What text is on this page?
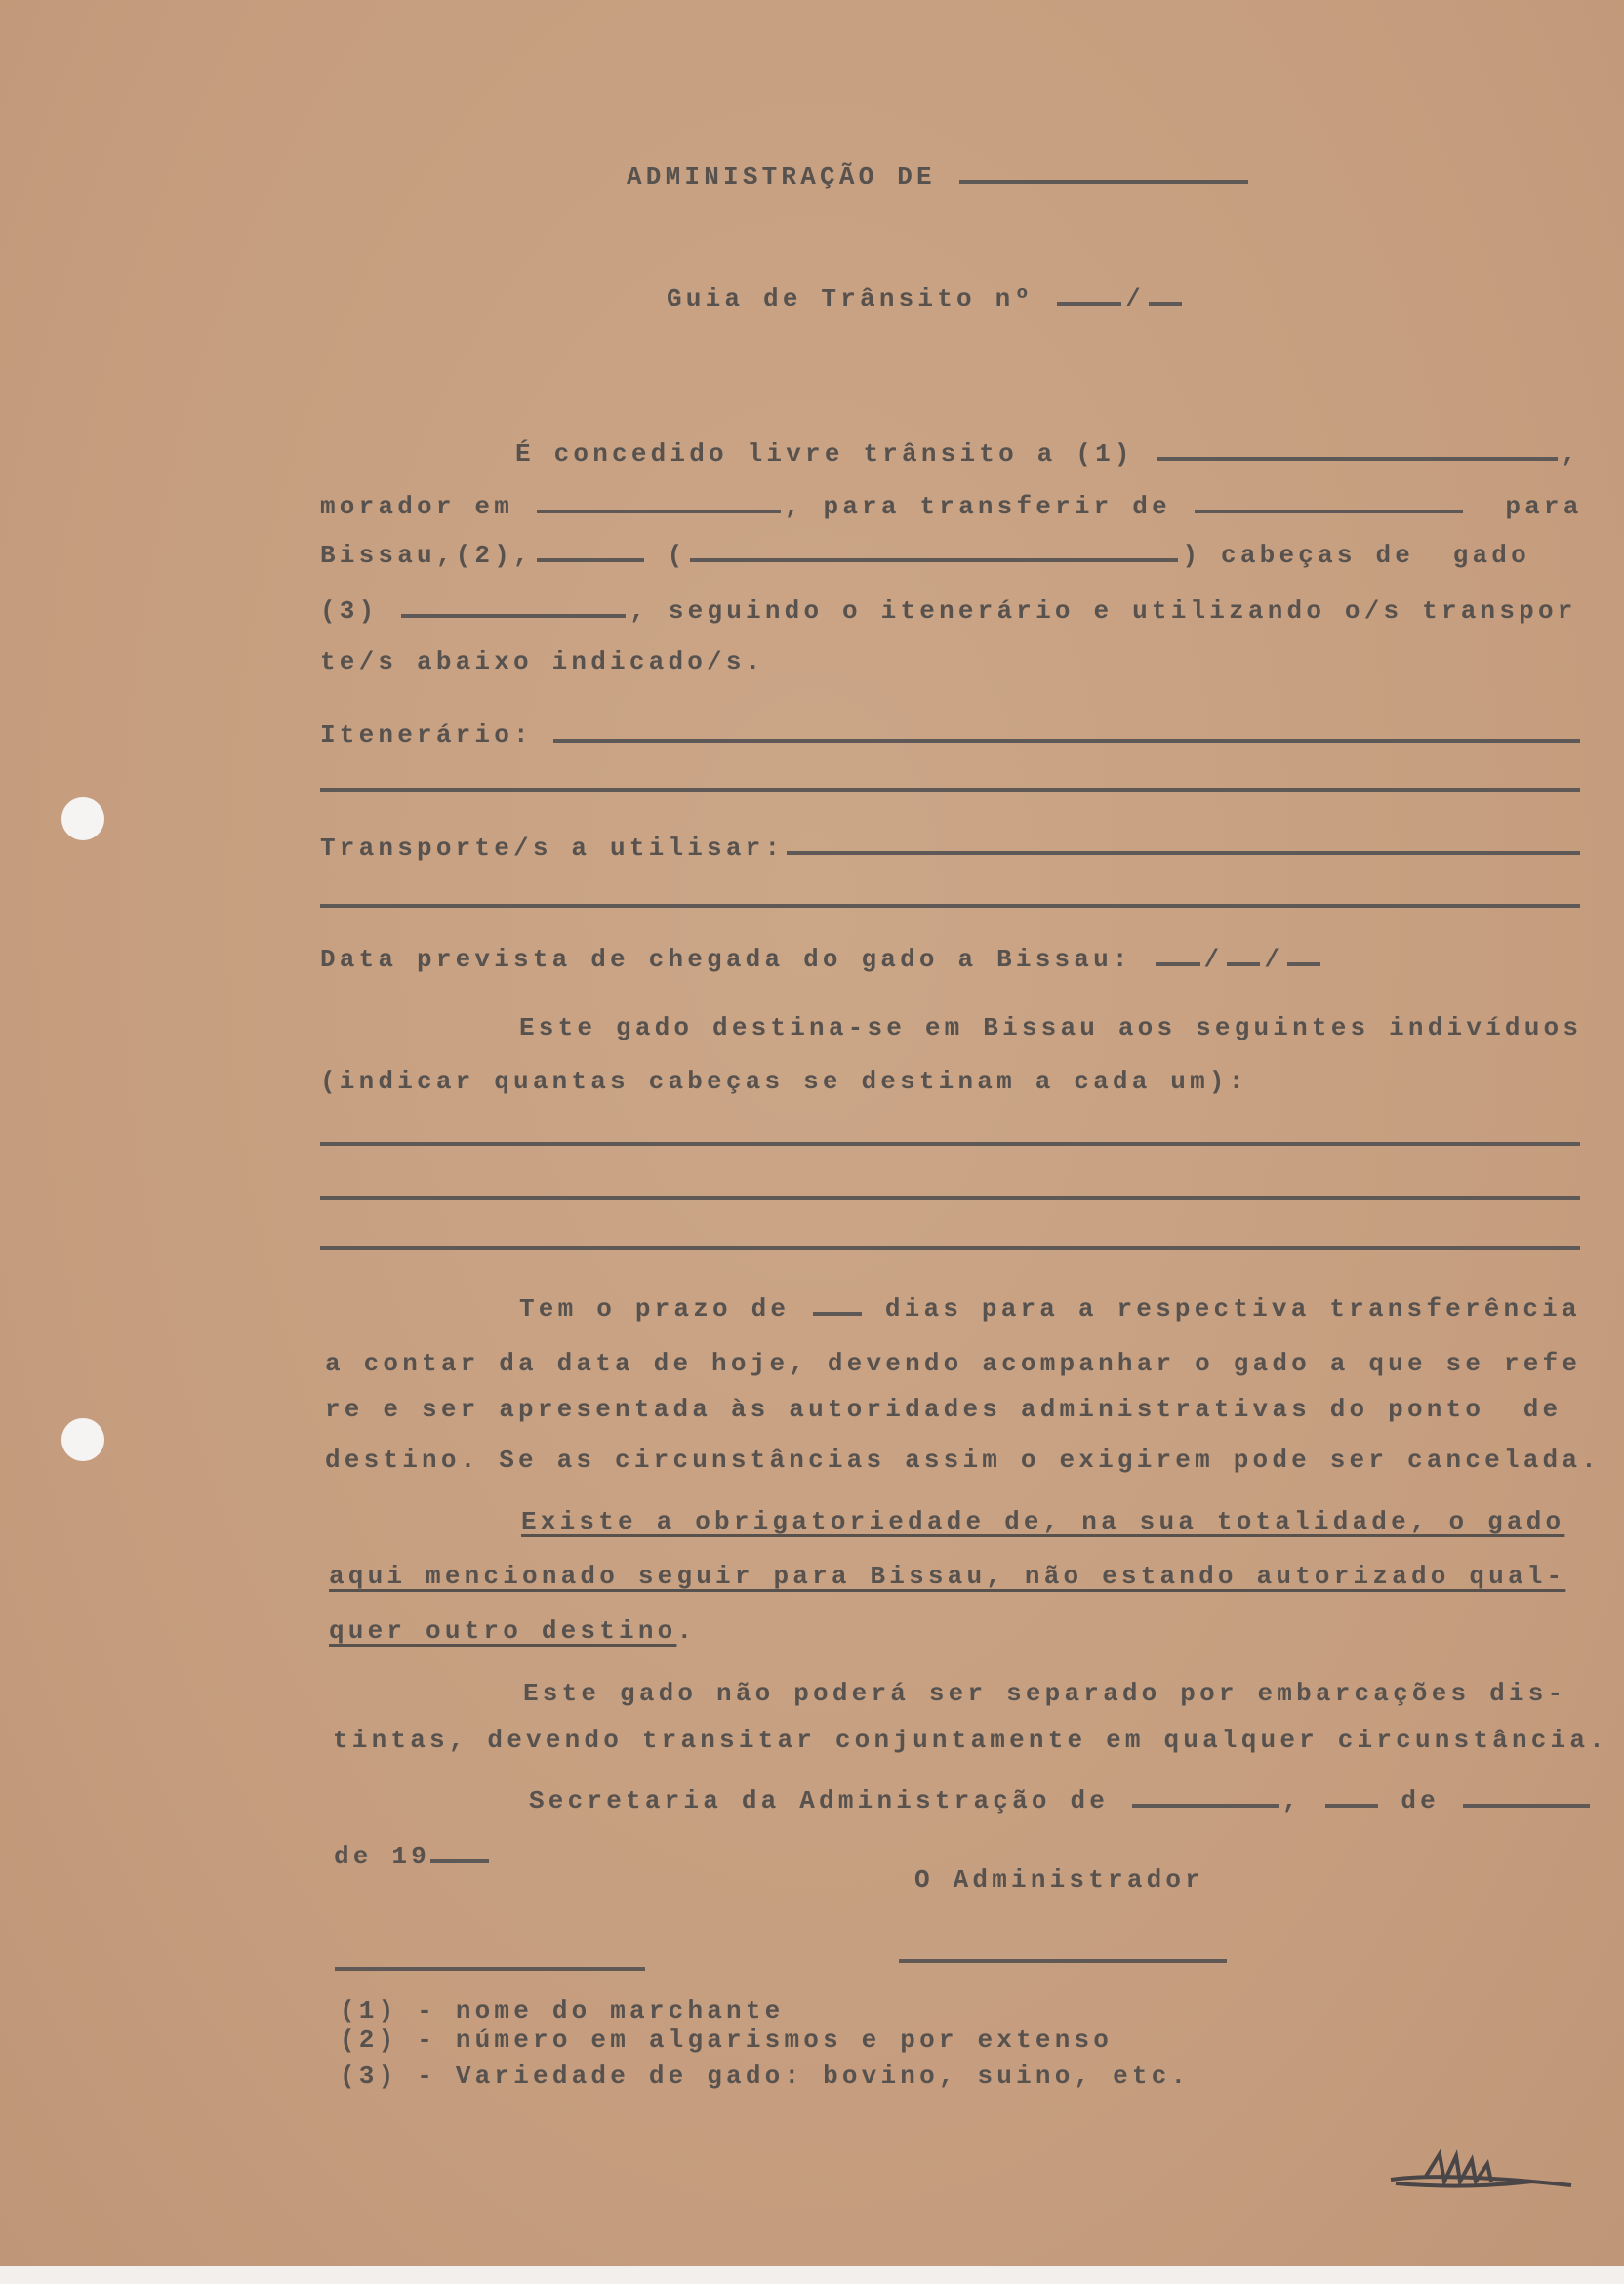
ADMINISTRAÇÃO DE
Guia de Trânsito nº	/
É concedido livre trânsito a (1)	,
morador em	, para transferir de	para
Bissau,(2),	(	) cabeças de  gado
(3)	, seguindo o itenerário e utilizando o/s transpor
te/s abaixo indicado/s.
Itenerário:
Transporte/s a utilisar:
Data prevista de chegada do gado a Bissau:	/ /
Este gado destina-se em Bissau aos seguintes indivíduos
(indicar quantas cabeças se destinam a cada um):
Tem o prazo de	dias para a respectiva transferência
a contar da data de hoje, devendo acompanhar o gado a que se refe
re e ser apresentada às autoridades administrativas do ponto  de
destino. Se as circunstâncias assim o exigirem pode ser cancelada.
Existe a obrigatoriedade de, na sua totalidade, o gado
aqui mencionado seguir para Bissau, não estando autorizado qual-
quer outro destino.
Este gado não poderá ser separado por embarcações dis-
tintas, devendo transitar conjuntamente em qualquer circunstância.
Secretaria da Administração de	,	de
de 19
O Administrador
(1) - nome do marchante
(2) - número em algarismos e por extenso
(3) - Variedade de gado: bovino, suino, etc.
